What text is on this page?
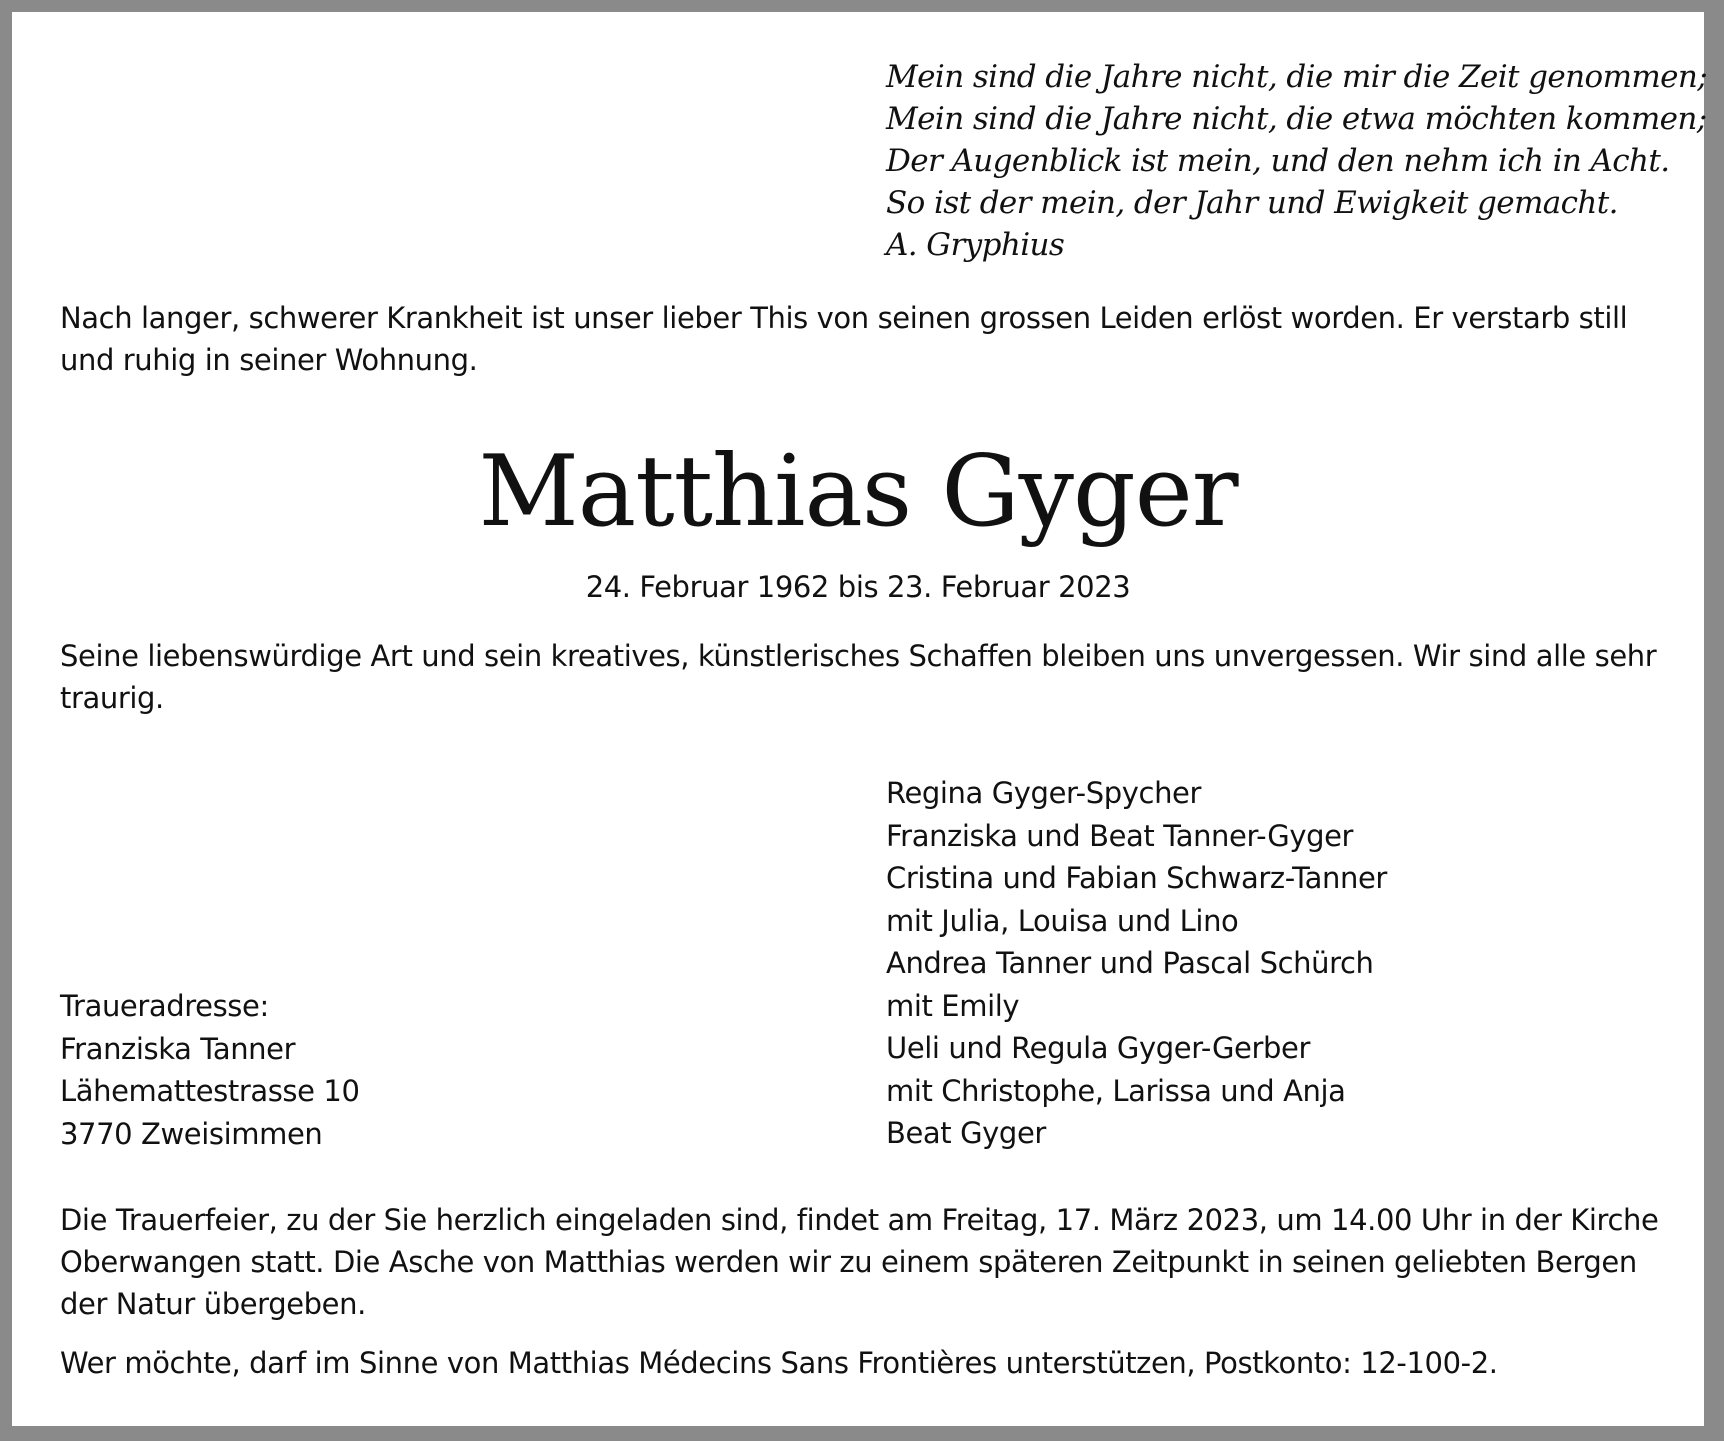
Mein sind die Jahre nicht, die mir die Zeit genommen;
Mein sind die Jahre nicht, die etwa möchten kommen;
Der Augenblick ist mein, und den nehm ich in Acht.
So ist der mein, der Jahr und Ewigkeit gemacht.
A. Gryphius
Nach langer, schwerer Krankheit ist unser lieber This von seinen grossen Leiden erlöst worden. Er verstarb still und ruhig in seiner Wohnung.
Matthias Gyger
24. Februar 1962 bis 23. Februar 2023
Seine liebenswürdige Art und sein kreatives, künstlerisches Schaffen bleiben uns unvergessen. Wir sind alle sehr traurig.
Regina Gyger-Spycher
Franziska und Beat Tanner-Gyger
Cristina und Fabian Schwarz-Tanner
mit Julia, Louisa und Lino
Andrea Tanner und Pascal Schürch
mit Emily
Ueli und Regula Gyger-Gerber
mit Christophe, Larissa und Anja
Beat Gyger
Traueradresse:
Franziska Tanner
Lähemattestrasse 10
3770 Zweisimmen
Die Trauerfeier, zu der Sie herzlich eingeladen sind, findet am Freitag, 17. März 2023, um 14.00 Uhr in der Kirche Oberwangen statt. Die Asche von Matthias werden wir zu einem späteren Zeitpunkt in seinen geliebten Bergen der Natur übergeben.
Wer möchte, darf im Sinne von Matthias Médecins Sans Frontières unterstützen, Postkonto: 12-100-2.
